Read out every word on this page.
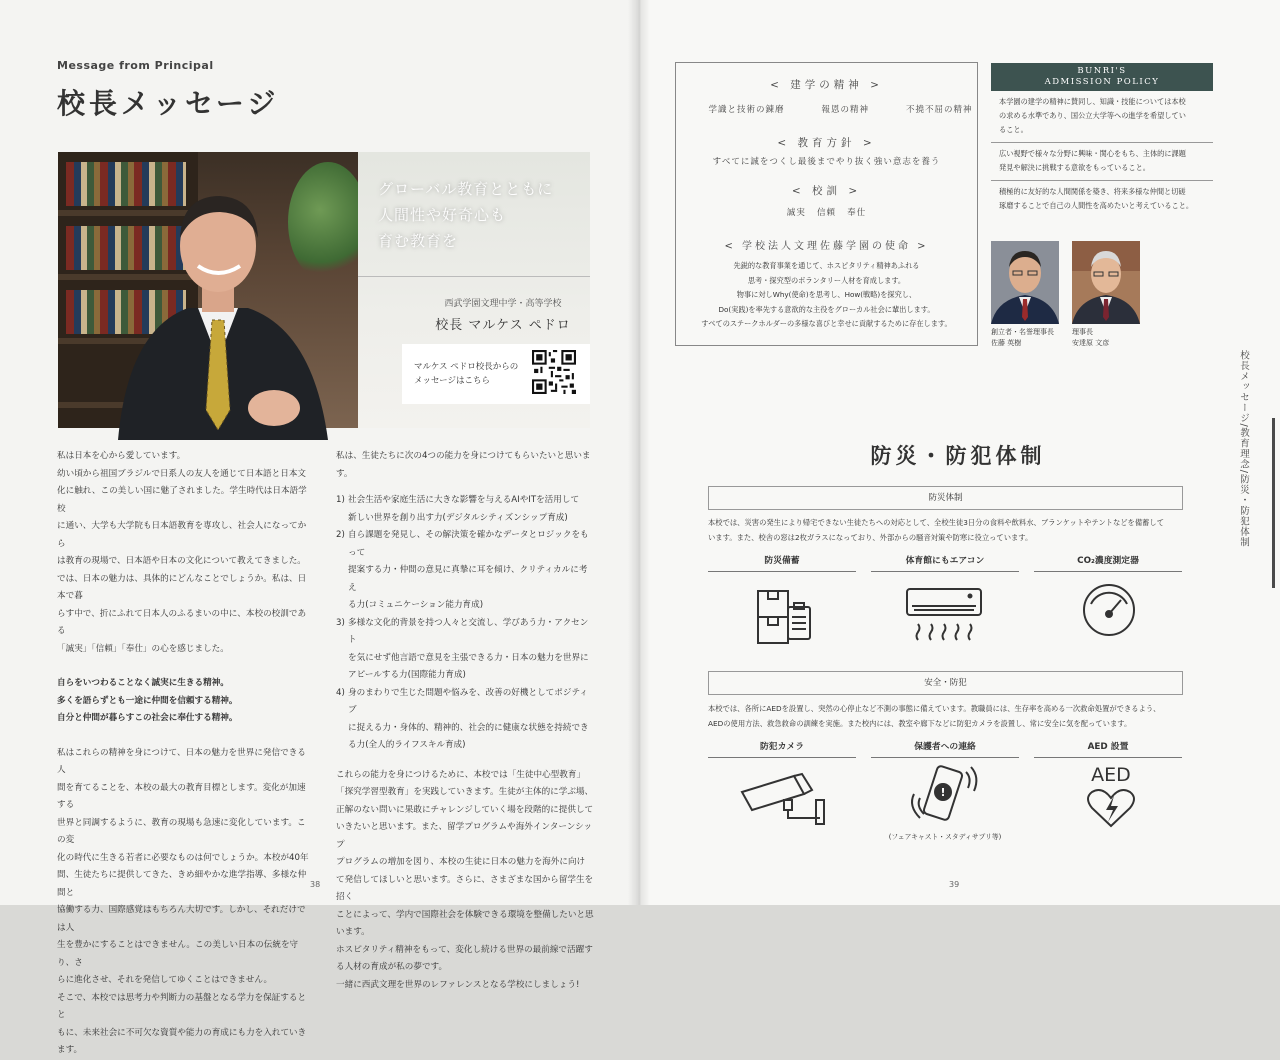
Message from Principal
校長メッセージ
グローバル教育とともに
人間性や好奇心も
育む教育を
西武学園文理中学・高等学校
校長 マルケス ペドロ
マルケス ペドロ校長からの
メッセージはこちら

私は日本を心から愛しています。

幼い頃から祖国ブラジルで日系人の友人を通じて日本語と日本文

化に触れ、この美しい国に魅了されました。学生時代は日本語学校

に通い、大学も大学院も日本語教育を専攻し、社会人になってから

は教育の現場で、日本語や日本の文化について教えてきました。

では、日本の魅力は、具体的にどんなことでしょうか。私は、日本で暮

らす中で、折にふれて日本人のふるまいの中に、本校の校訓である

「誠実」「信頼」「奉仕」の心を感じました。

自らをいつわることなく誠実に生きる精神。

多くを語らずとも一途に仲間を信頼する精神。

自分と仲間が暮らすこの社会に奉仕する精神。

私はこれらの精神を身につけて、日本の魅力を世界に発信できる人

間を育てることを、本校の最大の教育目標とします。変化が加速する

世界と同調するように、教育の現場も急速に変化しています。この変

化の時代に生きる若者に必要なものは何でしょうか。本校が40年

間、生徒たちに提供してきた、きめ細やかな進学指導、多様な仲間と

協働する力、国際感覚はもちろん大切です。しかし、それだけでは人

生を豊かにすることはできません。この美しい日本の伝統を守り、さ

らに進化させ、それを発信してゆくことはできません。

そこで、本校では思考力や判断力の基盤となる学力を保証するとと

もに、未来社会に不可欠な資質や能力の育成にも力を入れていき

ます。

私は、生徒たちに次の4つの能力を身につけてもらいたいと思います。

1) 社会生活や家庭生活に大きな影響を与えるAIやITを活用して

新しい世界を創り出す力(デジタルシティズンシップ育成)

2) 自ら課題を発見し、その解決策を確かなデータとロジックをもって

提案する力・仲間の意見に真摯に耳を傾け、クリティカルに考え

る力(コミュニケーション能力育成)

3) 多様な文化的背景を持つ人々と交流し、学びあう力・アクセント

を気にせず他言語で意見を主張できる力・日本の魅力を世界に

アピールする力(国際能力育成)

4) 身のまわりで生じた問題や悩みを、改善の好機としてポジティブ

に捉える力・身体的、精神的、社会的に健康な状態を持続でき

る力(全人的ライフスキル育成)

これらの能力を身につけるために、本校では「生徒中心型教育」

「探究学習型教育」を実践していきます。生徒が主体的に学ぶ場、

正解のない問いに果敢にチャレンジしていく場を段階的に提供して

いきたいと思います。また、留学プログラムや海外インターンシップ

プログラムの増加を図り、本校の生徒に日本の魅力を海外に向け

て発信してほしいと思います。さらに、さまざまな国から留学生を招く

ことによって、学内で国際社会を体験できる環境を整備したいと思

います。

ホスピタリティ精神をもって、変化し続ける世界の最前線で活躍す

る人材の育成が私の夢です。

一緒に西武文理を世界のレファレンスとなる学校にしましょう!

38
< 建学の精神 >
学識と技術の錬磨	報恩の精神	不撓不屈の精神
< 教育方針 >
すべてに誠をつくし最後までやり抜く強い意志を養う
< 校訓 >
誠実 信頼 奉仕
< 学校法人文理佐藤学園の使命 >
先鋭的な教育事業を通じて、ホスピタリティ精神あふれる
思考・探究型のボランタリー人材を育成します。
物事に対しWhy(使命)を思考し、How(戦略)を探究し、
Do(実践)を率先する意欲的な主役をグローカル社会に輩出します。
すべてのステークホルダーの多様な喜びと幸せに貢献するために存在します。
BUNRI'S
ADMISSION POLICY
本学園の建学の精神に賛同し、知識・技能については本校
の求める水準であり、国公立大学等への進学を希望してい
ること。
広い視野で様々な分野に興味・関心をもち、主体的に課題
発見や解決に挑戦する意欲をもっていること。
積極的に友好的な人間関係を築き、将来多様な仲間と切磋
琢磨することで自己の人間性を高めたいと考えていること。
創立者・名誉理事長
佐藤 英樹
理事長
安達原 文彦
校長メッセージ/教育理念/防災・防犯体制
防災・防犯体制
防災体制
本校では、災害の発生により帰宅できない生徒たちへの対応として、全校生徒3日分の食料や飲料水、ブランケットやテントなどを備蓄して
います。また、校舎の窓は2枚ガラスになっており、外部からの騒音対策や防寒に役立っています。
防災備蓄	体育館にもエアコン	CO₂濃度測定器
安全・防犯
本校では、各所にAEDを設置し、突然の心停止など不測の事態に備えています。教職員には、生存率を高める一次救命処置ができるよう、
AEDの使用方法、救急救命の訓練を実施。また校内には、教室や廊下などに防犯カメラを設置し、常に安全に気を配っています。
防犯カメラ	保護者への連絡	AED 設置
!
(フェアキャスト・スタディサプリ等)
AED
39
